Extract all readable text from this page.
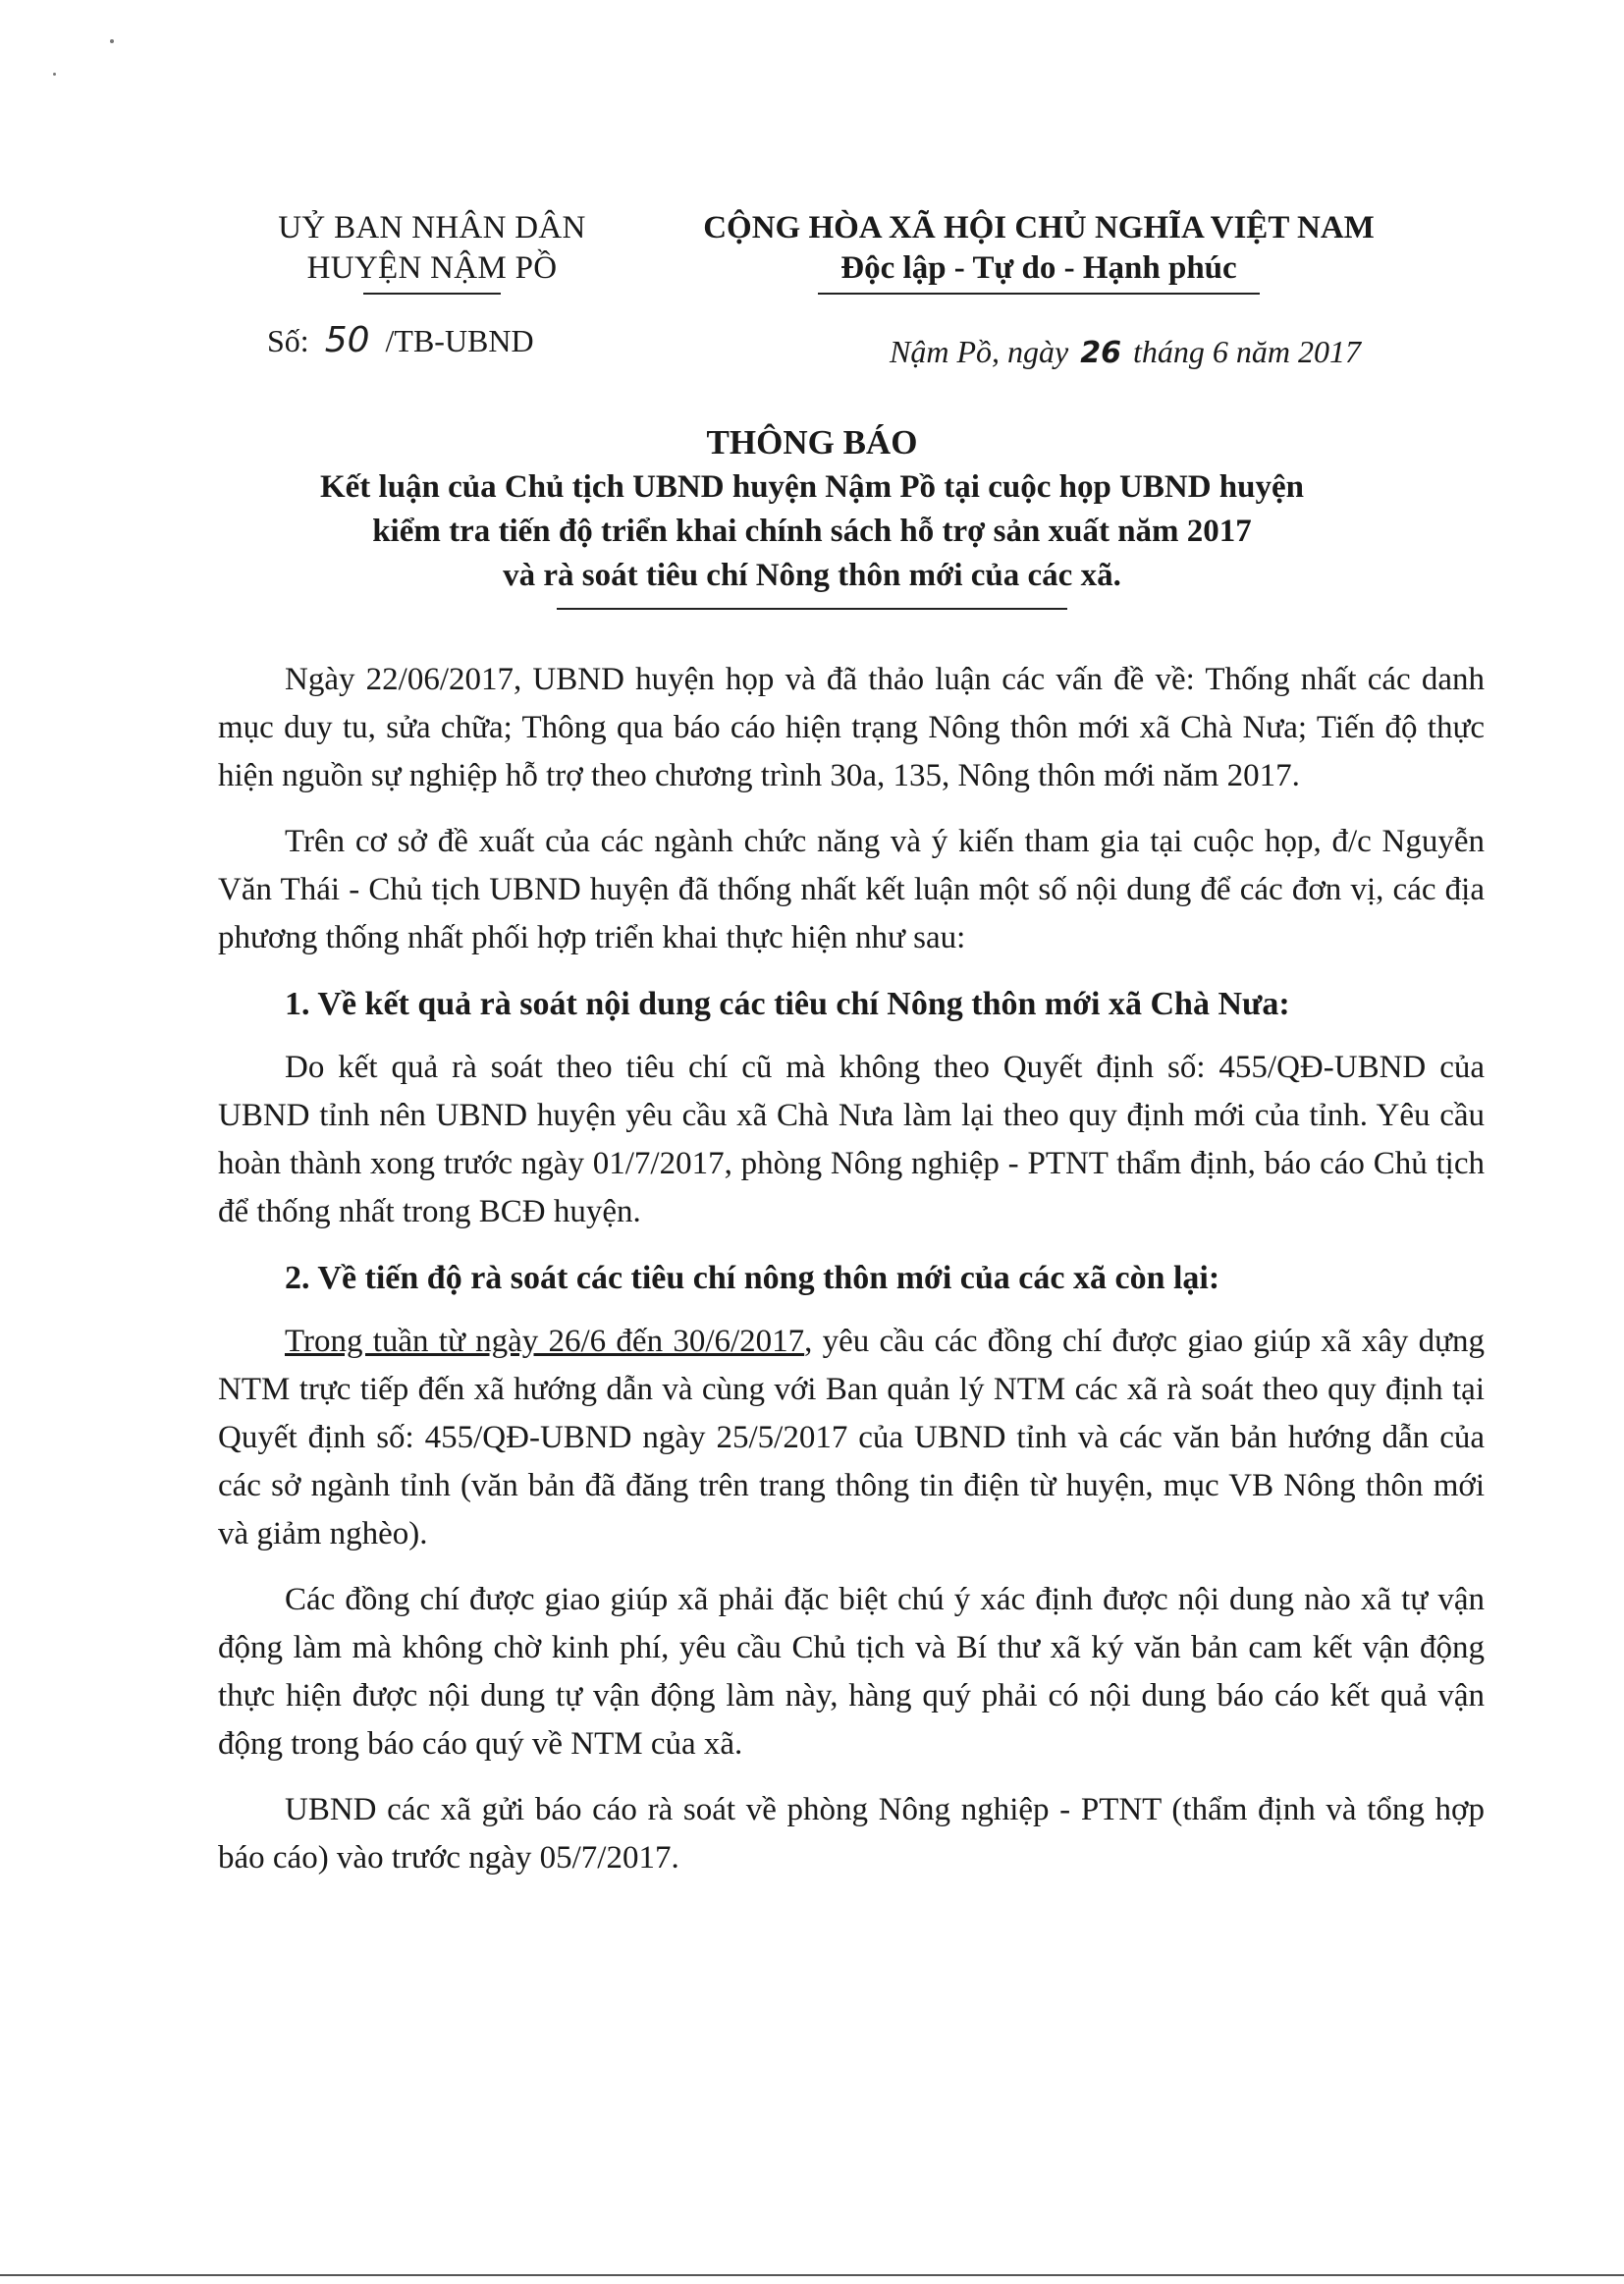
UỶ BAN NHÂN DÂN
HUYỆN NẬM PỒ
CỘNG HÒA XÃ HỘI CHỦ NGHĨA VIỆT NAM
Độc lập - Tự do - Hạnh phúc
Số: 50 /TB-UBND	Nậm Pồ, ngày 26 tháng 6 năm 2017
THÔNG BÁO
Kết luận của Chủ tịch UBND huyện Nậm Pồ tại cuộc họp UBND huyện
kiểm tra tiến độ triển khai chính sách hỗ trợ sản xuất năm 2017
và rà soát tiêu chí Nông thôn mới của các xã.

Ngày 22/06/2017, UBND huyện họp và đã thảo luận các vấn đề về: Thống nhất các danh mục duy tu, sửa chữa; Thông qua báo cáo hiện trạng Nông thôn mới xã Chà Nưa; Tiến độ thực hiện nguồn sự nghiệp hỗ trợ theo chương trình 30a, 135, Nông thôn mới năm 2017.

Trên cơ sở đề xuất của các ngành chức năng và ý kiến tham gia tại cuộc họp, đ/c Nguyễn Văn Thái - Chủ tịch UBND huyện đã thống nhất kết luận một số nội dung để các đơn vị, các địa phương thống nhất phối hợp triển khai thực hiện như sau:

1. Về kết quả rà soát nội dung các tiêu chí Nông thôn mới xã Chà Nưa:

Do kết quả rà soát theo tiêu chí cũ mà không theo Quyết định số: 455/QĐ-UBND của UBND tỉnh nên UBND huyện yêu cầu xã Chà Nưa làm lại theo quy định mới của tỉnh. Yêu cầu hoàn thành xong trước ngày 01/7/2017, phòng Nông nghiệp - PTNT thẩm định, báo cáo Chủ tịch để thống nhất trong BCĐ huyện.

2. Về tiến độ rà soát các tiêu chí nông thôn mới của các xã còn lại:

Trong tuần từ ngày 26/6 đến 30/6/2017, yêu cầu các đồng chí được giao giúp xã xây dựng NTM trực tiếp đến xã hướng dẫn và cùng với Ban quản lý NTM các xã rà soát theo quy định tại Quyết định số: 455/QĐ-UBND ngày 25/5/2017 của UBND tỉnh và các văn bản hướng dẫn của các sở ngành tỉnh (văn bản đã đăng trên trang thông tin điện từ huyện, mục VB Nông thôn mới và giảm nghèo).

Các đồng chí được giao giúp xã phải đặc biệt chú ý xác định được nội dung nào xã tự vận động làm mà không chờ kinh phí, yêu cầu Chủ tịch và Bí thư xã ký văn bản cam kết vận động thực hiện được nội dung tự vận động làm này, hàng quý phải có nội dung báo cáo kết quả vận động trong báo cáo quý về NTM của xã.

UBND các xã gửi báo cáo rà soát về phòng Nông nghiệp - PTNT (thẩm định và tổng hợp báo cáo) vào trước ngày 05/7/2017.
